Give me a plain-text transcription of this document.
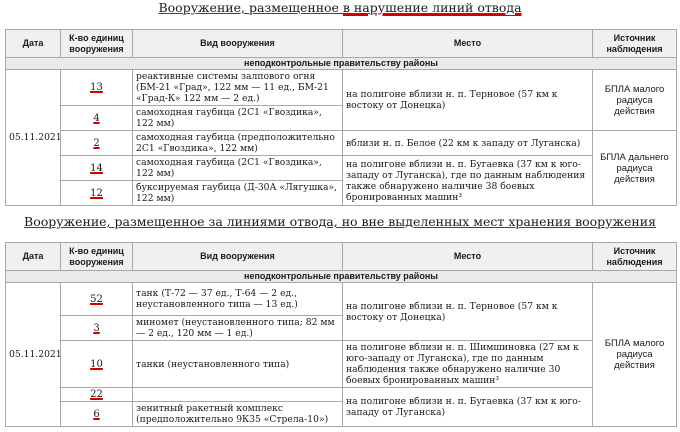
Вооружение, размещенное в нарушение линий отвода
Дата	К-во единиц вооружения	Вид вооружения	Место	Источник наблюдения
неподконтрольные правительству районы				
05.11.2021	13	реактивные системы залпового огня (БМ-21 «Град», 122 мм — 11 ед., БМ-21 «Град-К» 122 мм — 2 ед.)	на полигоне вблизи н. п. Терновое (57 км к востоку от Донецка)	БПЛА малого радиуса действия
	4	самоходная гаубица (2С1 «Гвоздика», 122 мм)		
	2	самоходная гаубица (предположительно 2С1 «Гвоздика», 122 мм)	вблизи н. п. Белое (22 км к западу от Луганска)	БПЛА дальнего радиуса действия
	14	самоходная гаубица (2С1 «Гвоздика», 122 мм)	на полигоне вблизи н. п. Бугаевка (37 км к юго-западу от Луганска), где по данным наблюдения также обнаружено наличие 38 боевых бронированных машин³	
	12	буксируемая гаубица (Д-30А «Лягушка», 122 мм)		
Вооружение, размещенное за линиями отвода, но вне выделенных мест хранения вооружения
Дата	К-во единиц вооружения	Вид вооружения	Место	Источник наблюдения
неподконтрольные правительству районы				
05.11.2021	52	танк (Т-72 — 37 ед., Т-64 — 2 ед., неустановленного типа — 13 ед.)	на полигоне вблизи н. п. Терновое (57 км к востоку от Донецка)	БПЛА малого радиуса действия
	3	миномет (неустановленного типа; 82 мм — 2 ед., 120 мм — 1 ед.)		
	10	танки (неустановленного типа)	на полигоне вблизи н. п. Шимшиновка (27 км к юго-западу от Луганска), где по данным наблюдения также обнаружено наличие 30 боевых бронированных машин³	
	22		на полигоне вблизи н. п. Бугаевка (37 км к юго-западу от Луганска)	
	6	зенитный ракетный комплекс (предположительно 9К35 «Стрела-10»)		
